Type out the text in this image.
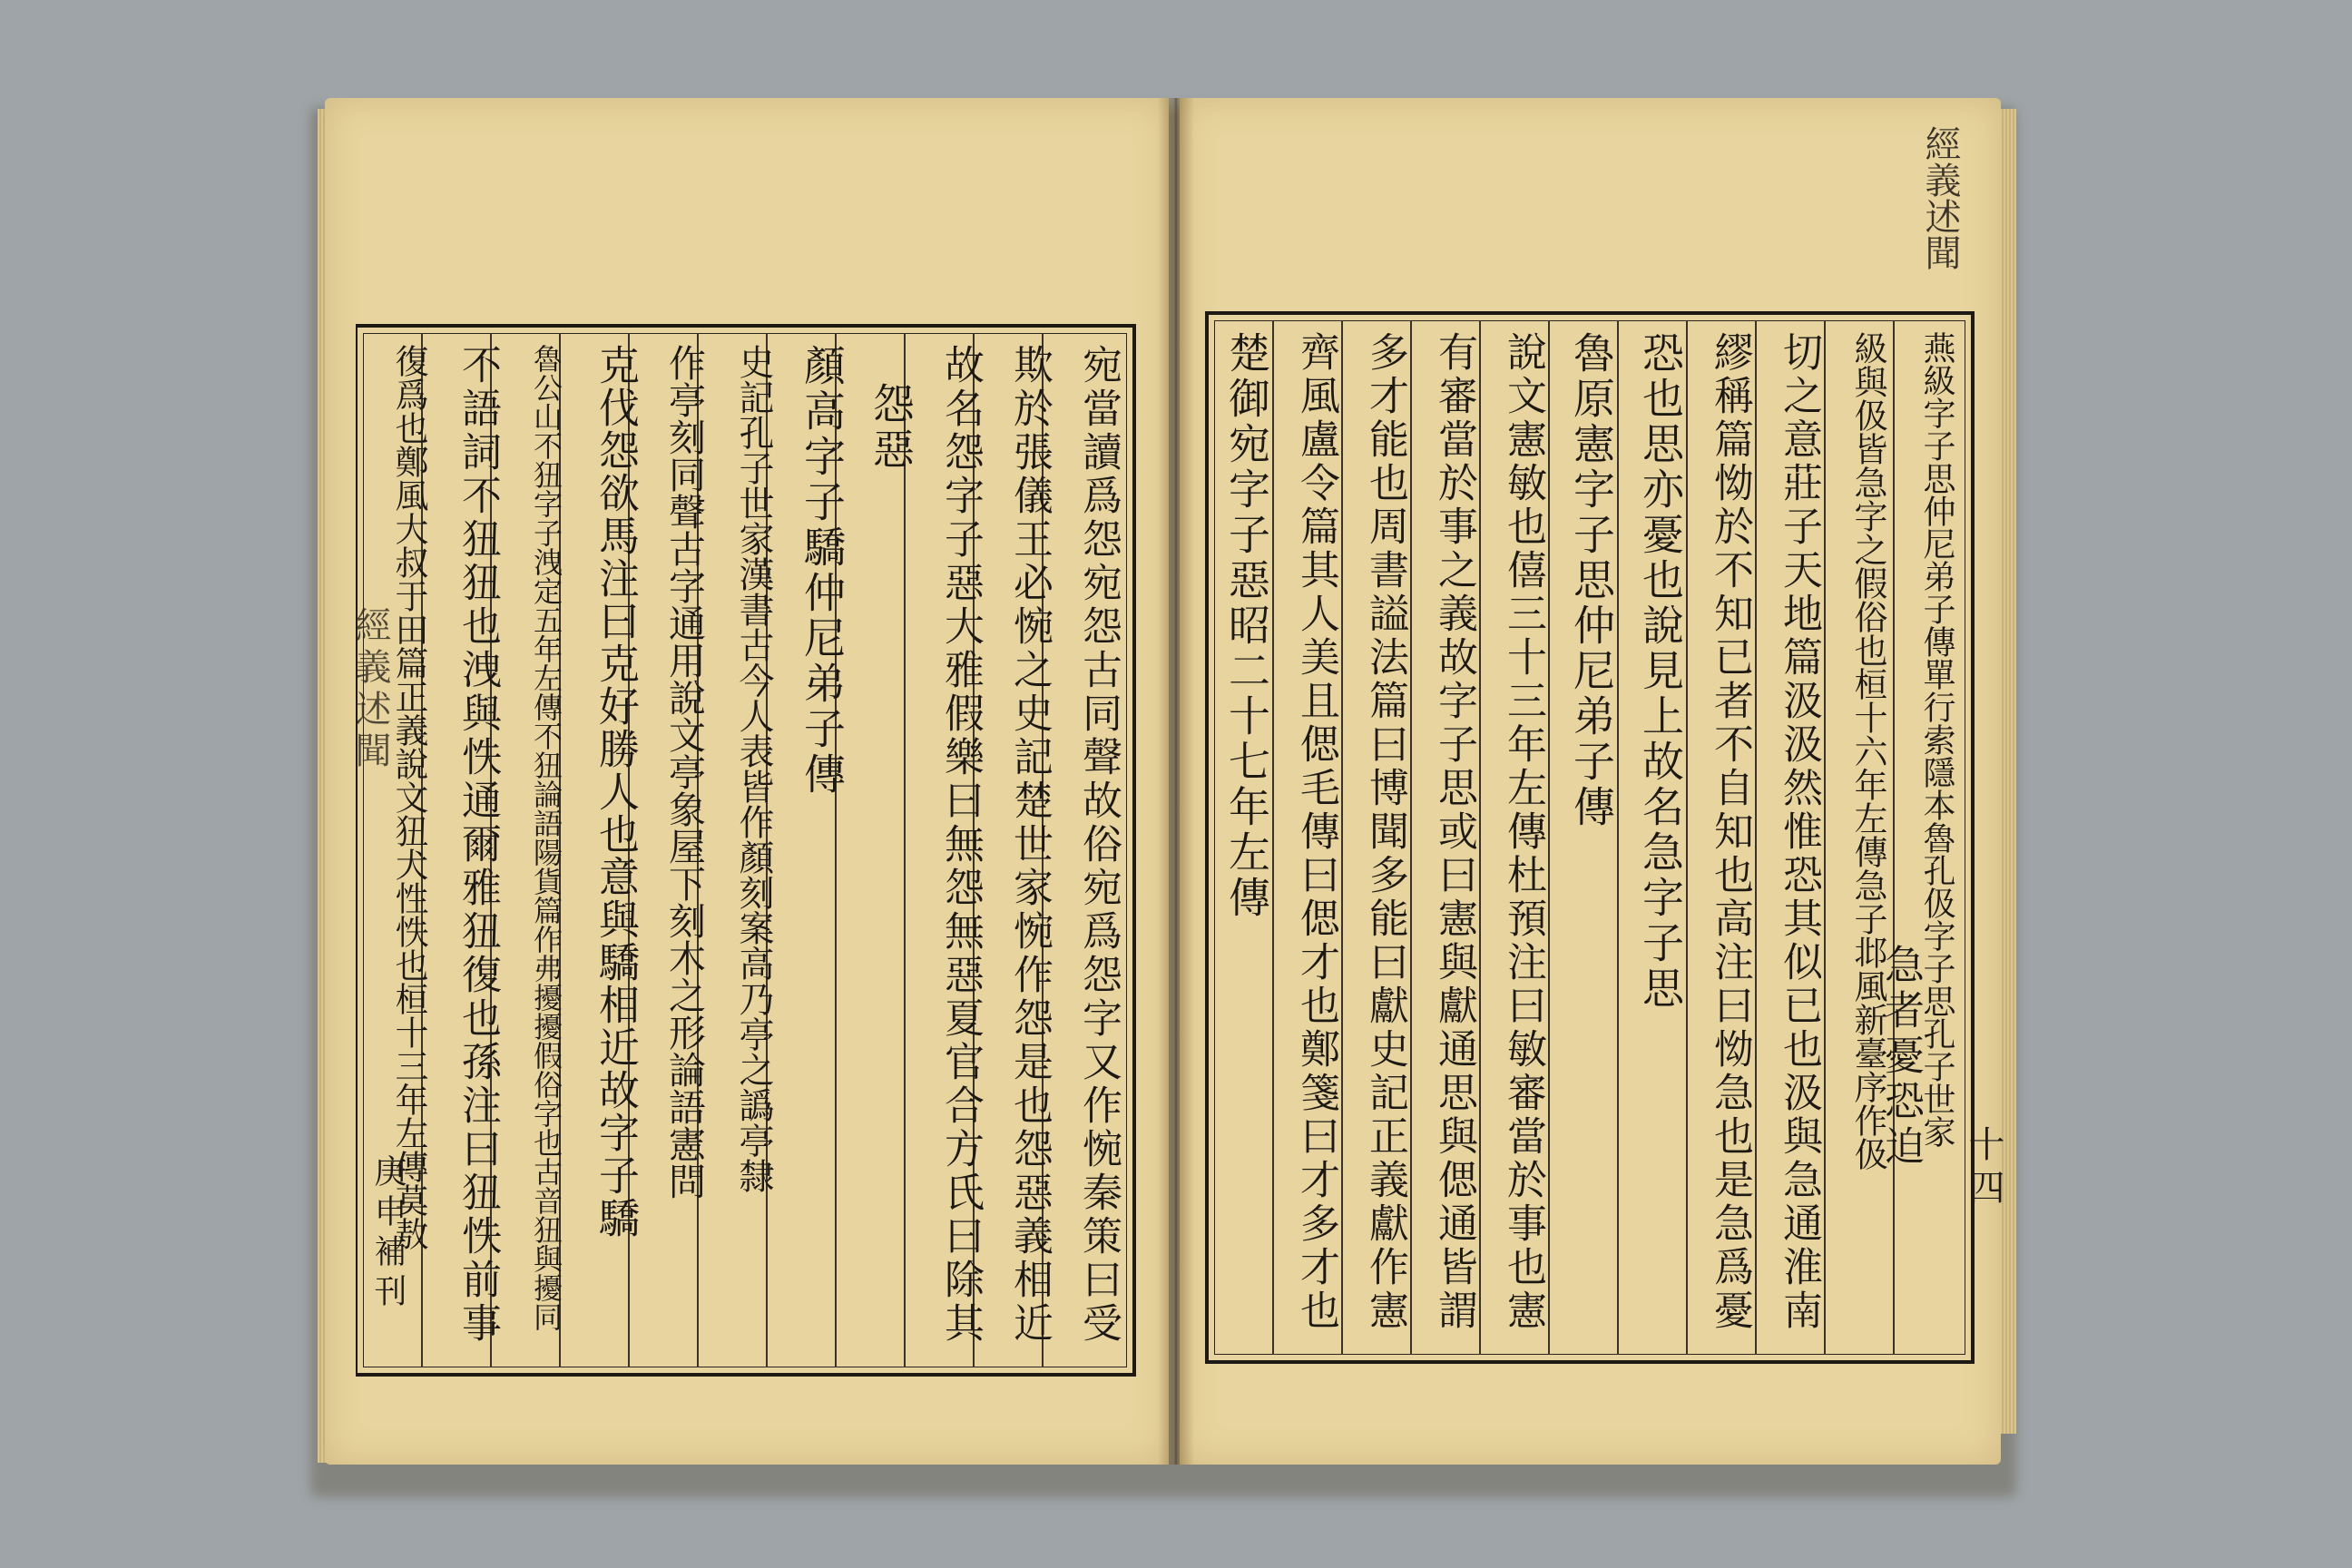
經義述聞
經義述聞
宛當讀爲怨宛怨古同聲故俗宛爲怨字又作惋秦策曰受
欺於張儀王必惋之史記楚世家惋作怨是也怨惡義相近
故名怨字子惡大雅假樂曰無怨無惡夏官合方氏曰除其
怨惡
顏高字子驕仲尼弟子傳
史記孔子世家漢書古今人表皆作顏刻案高乃亭之譌亭隸
作亭刻同聲古字通用說文亭象屋下刻木之形論語憲問
克伐怨欲馬注曰克好勝人也意與驕相近故字子驕
魯公山不狃字子洩定五年左傳不狃論語陽貨篇作弗擾擾假俗字也古音狃與擾同
不語詞不狃狃也洩與怢通爾雅狃復也孫注曰狃怢前事
復爲也鄭風大叔于田篇正義說文狃犬性怢也桓十三年左傳莫敖
庚申補刊
燕級字子思仲尼弟子傳單行索隱本魯孔伋字子思孔子世家
級與伋皆急字之假俗也桓十六年左傳急子邶風新臺序作伋
切之意莊子天地篇汲汲然惟恐其似已也汲與急通淮南
繆稱篇怮於不知已者不自知也高注曰怮急也是急爲憂
恐也思亦憂也說見上故名急字子思
魯原憲字子思仲尼弟子傳
說文憲敏也僖三十三年左傳杜預注曰敏審當於事也憲
有審當於事之義故字子思或曰憲與獻通思與偲通皆謂
多才能也周書謚法篇曰博聞多能曰獻史記正義獻作憲
齊風盧令篇其人美且偲毛傳曰偲才也鄭箋曰才多才也
楚御宛字子惡昭二十七年左傳
急者憂恐迫 十四
